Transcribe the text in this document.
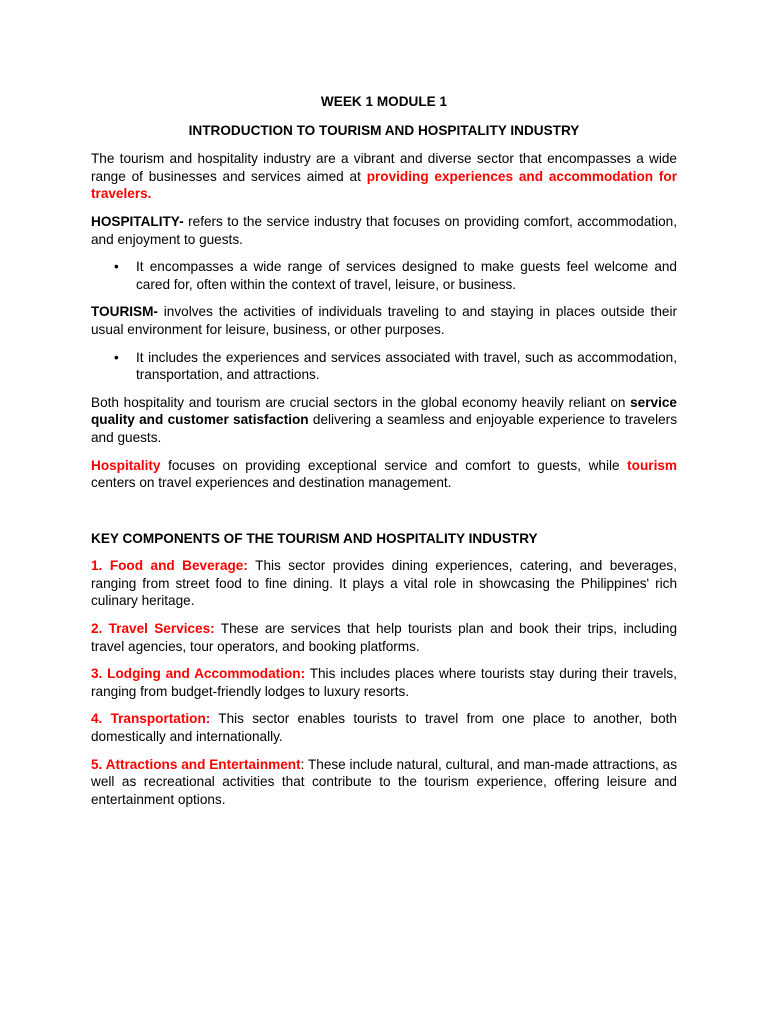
WEEK 1 MODULE 1

INTRODUCTION TO TOURISM AND HOSPITALITY INDUSTRY

The tourism and hospitality industry are a vibrant and diverse sector that encompasses a wide range of businesses and services aimed at providing experiences and accommodation for travelers.

HOSPITALITY- refers to the service industry that focuses on providing comfort, accommodation, and enjoyment to guests.

• It encompasses a wide range of services designed to make guests feel welcome and cared for, often within the context of travel, leisure, or business.

TOURISM- involves the activities of individuals traveling to and staying in places outside their usual environment for leisure, business, or other purposes.

• It includes the experiences and services associated with travel, such as accommodation, transportation, and attractions.

Both hospitality and tourism are crucial sectors in the global economy heavily reliant on service quality and customer satisfaction delivering a seamless and enjoyable experience to travelers and guests.

Hospitality focuses on providing exceptional service and comfort to guests, while tourism centers on travel experiences and destination management.

KEY COMPONENTS OF THE TOURISM AND HOSPITALITY INDUSTRY

1. Food and Beverage: This sector provides dining experiences, catering, and beverages, ranging from street food to fine dining. It plays a vital role in showcasing the Philippines' rich culinary heritage.

2. Travel Services: These are services that help tourists plan and book their trips, including travel agencies, tour operators, and booking platforms.

3. Lodging and Accommodation: This includes places where tourists stay during their travels, ranging from budget-friendly lodges to luxury resorts.

4. Transportation: This sector enables tourists to travel from one place to another, both domestically and internationally.

5. Attractions and Entertainment: These include natural, cultural, and man-made attractions, as well as recreational activities that contribute to the tourism experience, offering leisure and entertainment options.
